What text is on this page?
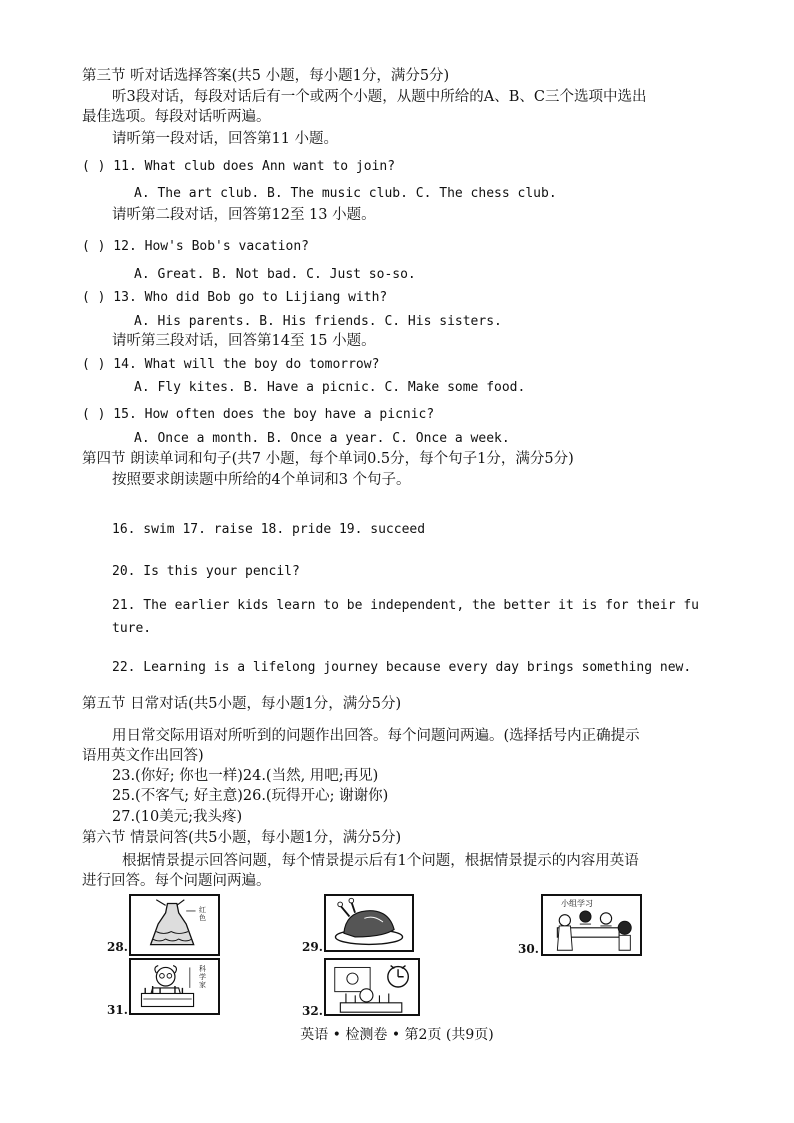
第三节 听对话选择答案(共5 小题，每小题1分，满分5分)
听3段对话，每段对话后有一个或两个小题，从题中所给的A、B、C三个选项中选出
最佳选项。每段对话听两遍。
请听第一段对话，回答第11 小题。
( ) 11. What club does Ann want to join?
A. The art club. B. The music club. C. The chess club.
请听第二段对话，回答第12至 13 小题。
( ) 12. How's Bob's vacation?
A. Great. B. Not bad. C. Just so-so.
( ) 13. Who did Bob go to Lijiang with?
A. His parents. B. His friends. C. His sisters.
请听第三段对话，回答第14至 15 小题。
( ) 14. What will the boy do tomorrow?
A. Fly kites. B. Have a picnic. C. Make some food.
( ) 15. How often does the boy have a picnic?
A. Once a month. B. Once a year. C. Once a week.
第四节 朗读单词和句子(共7 小题，每个单词0.5分，每个句子1分，满分5分)
按照要求朗读题中所给的4个单词和3 个句子。
16. swim 17. raise 18. pride 19. succeed
20. Is this your pencil?
21. The earlier kids learn to be independent, the better it is for their fu
ture.
22. Learning is a lifelong journey because every day brings something new.
第五节 日常对话(共5小题，每小题1分，满分5分)
用日常交际用语对所听到的问题作出回答。每个问题问两遍。(选择括号内正确提示
语用英文作出回答)
23.(你好; 你也一样)24.(当然, 用吧;再见)
25.(不客气; 好主意)26.(玩得开心; 谢谢你)
27.(10美元;我头疼)
第六节 情景问答(共5小题，每小题1分，满分5分)
根据情景提示回答问题，每个情景提示后有1个问题，根据情景提示的内容用英语
进行回答。每个问题问两遍。
28.
红色
29.	30.
小组学习
31.
科学家
32.
英语 • 检测卷 • 第2页 (共9页)
